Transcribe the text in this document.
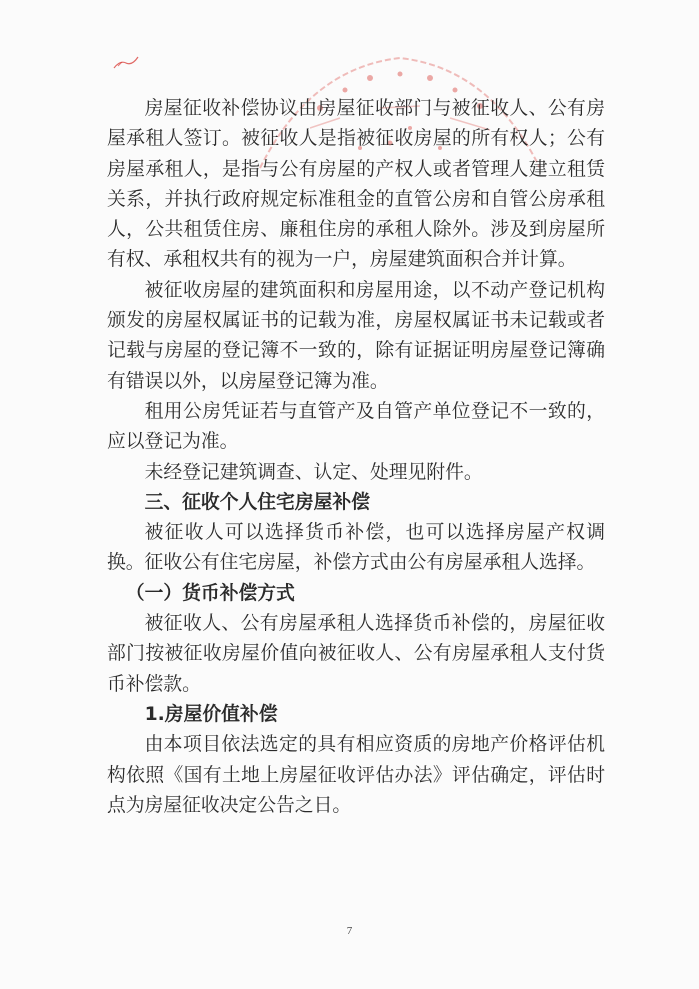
房屋征收补偿协议由房屋征收部门与被征收人、公有房屋承租人签订。被征收人是指被征收房屋的所有权人；公有房屋承租人，是指与公有房屋的产权人或者管理人建立租赁关系，并执行政府规定标准租金的直管公房和自管公房承租人，公共租赁住房、廉租住房的承租人除外。涉及到房屋所有权、承租权共有的视为一户，房屋建筑面积合并计算。

被征收房屋的建筑面积和房屋用途，以不动产登记机构颁发的房屋权属证书的记载为准，房屋权属证书未记载或者记载与房屋的登记簿不一致的，除有证据证明房屋登记簿确有错误以外，以房屋登记簿为准。

租用公房凭证若与直管产及自管产单位登记不一致的，应以登记为准。

未经登记建筑调查、认定、处理见附件。

三、征收个人住宅房屋补偿

被征收人可以选择货币补偿，也可以选择房屋产权调换。征收公有住宅房屋，补偿方式由公有房屋承租人选择。

（一）货币补偿方式

被征收人、公有房屋承租人选择货币补偿的，房屋征收部门按被征收房屋价值向被征收人、公有房屋承租人支付货币补偿款。

1.房屋价值补偿

由本项目依法选定的具有相应资质的房地产价格评估机构依照《国有土地上房屋征收评估办法》评估确定，评估时点为房屋征收决定公告之日。

7
